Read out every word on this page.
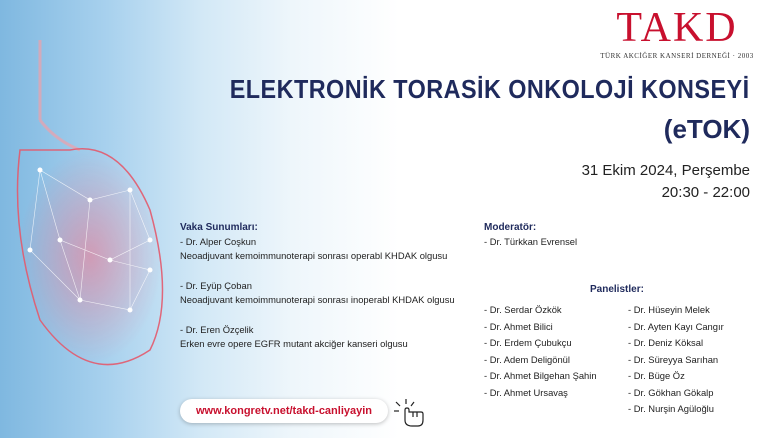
TAKD
TÜRK AKCİĞER KANSERİ DERNEĞİ · 2003
ELEKTRONİK TORASİK ONKOLOJİ KONSEYİ
(eTOK)
31 Ekim 2024, Perşembe
20:30 - 22:00
Vaka Sunumları:
- Dr. Alper Coşkun
Neoadjuvant kemoimmunoterapi sonrası operabl KHDAK olgusu
- Dr. Eyüp Çoban
Neoadjuvant kemoimmunoterapi sonrası inoperabl KHDAK olgusu
- Dr. Eren Özçelik
Erken evre opere EGFR mutant akciğer kanseri olgusu
Moderatör:
- Dr. Türkkan Evrensel
Panelistler:
- Dr. Serdar Özkök
- Dr. Ahmet Bilici
- Dr. Erdem Çubukçu
- Dr. Adem Deligönül
- Dr. Ahmet Bilgehan Şahin
- Dr. Ahmet Ursavaş
- Dr. Hüseyin Melek
- Dr. Ayten Kayı Cangır
- Dr. Deniz Köksal
- Dr. Süreyya Sarıhan
- Dr. Büge Öz
- Dr. Gökhan Gökalp
- Dr. Nurşin Agüloğlu
www.kongretv.net/takd-canliyayin
